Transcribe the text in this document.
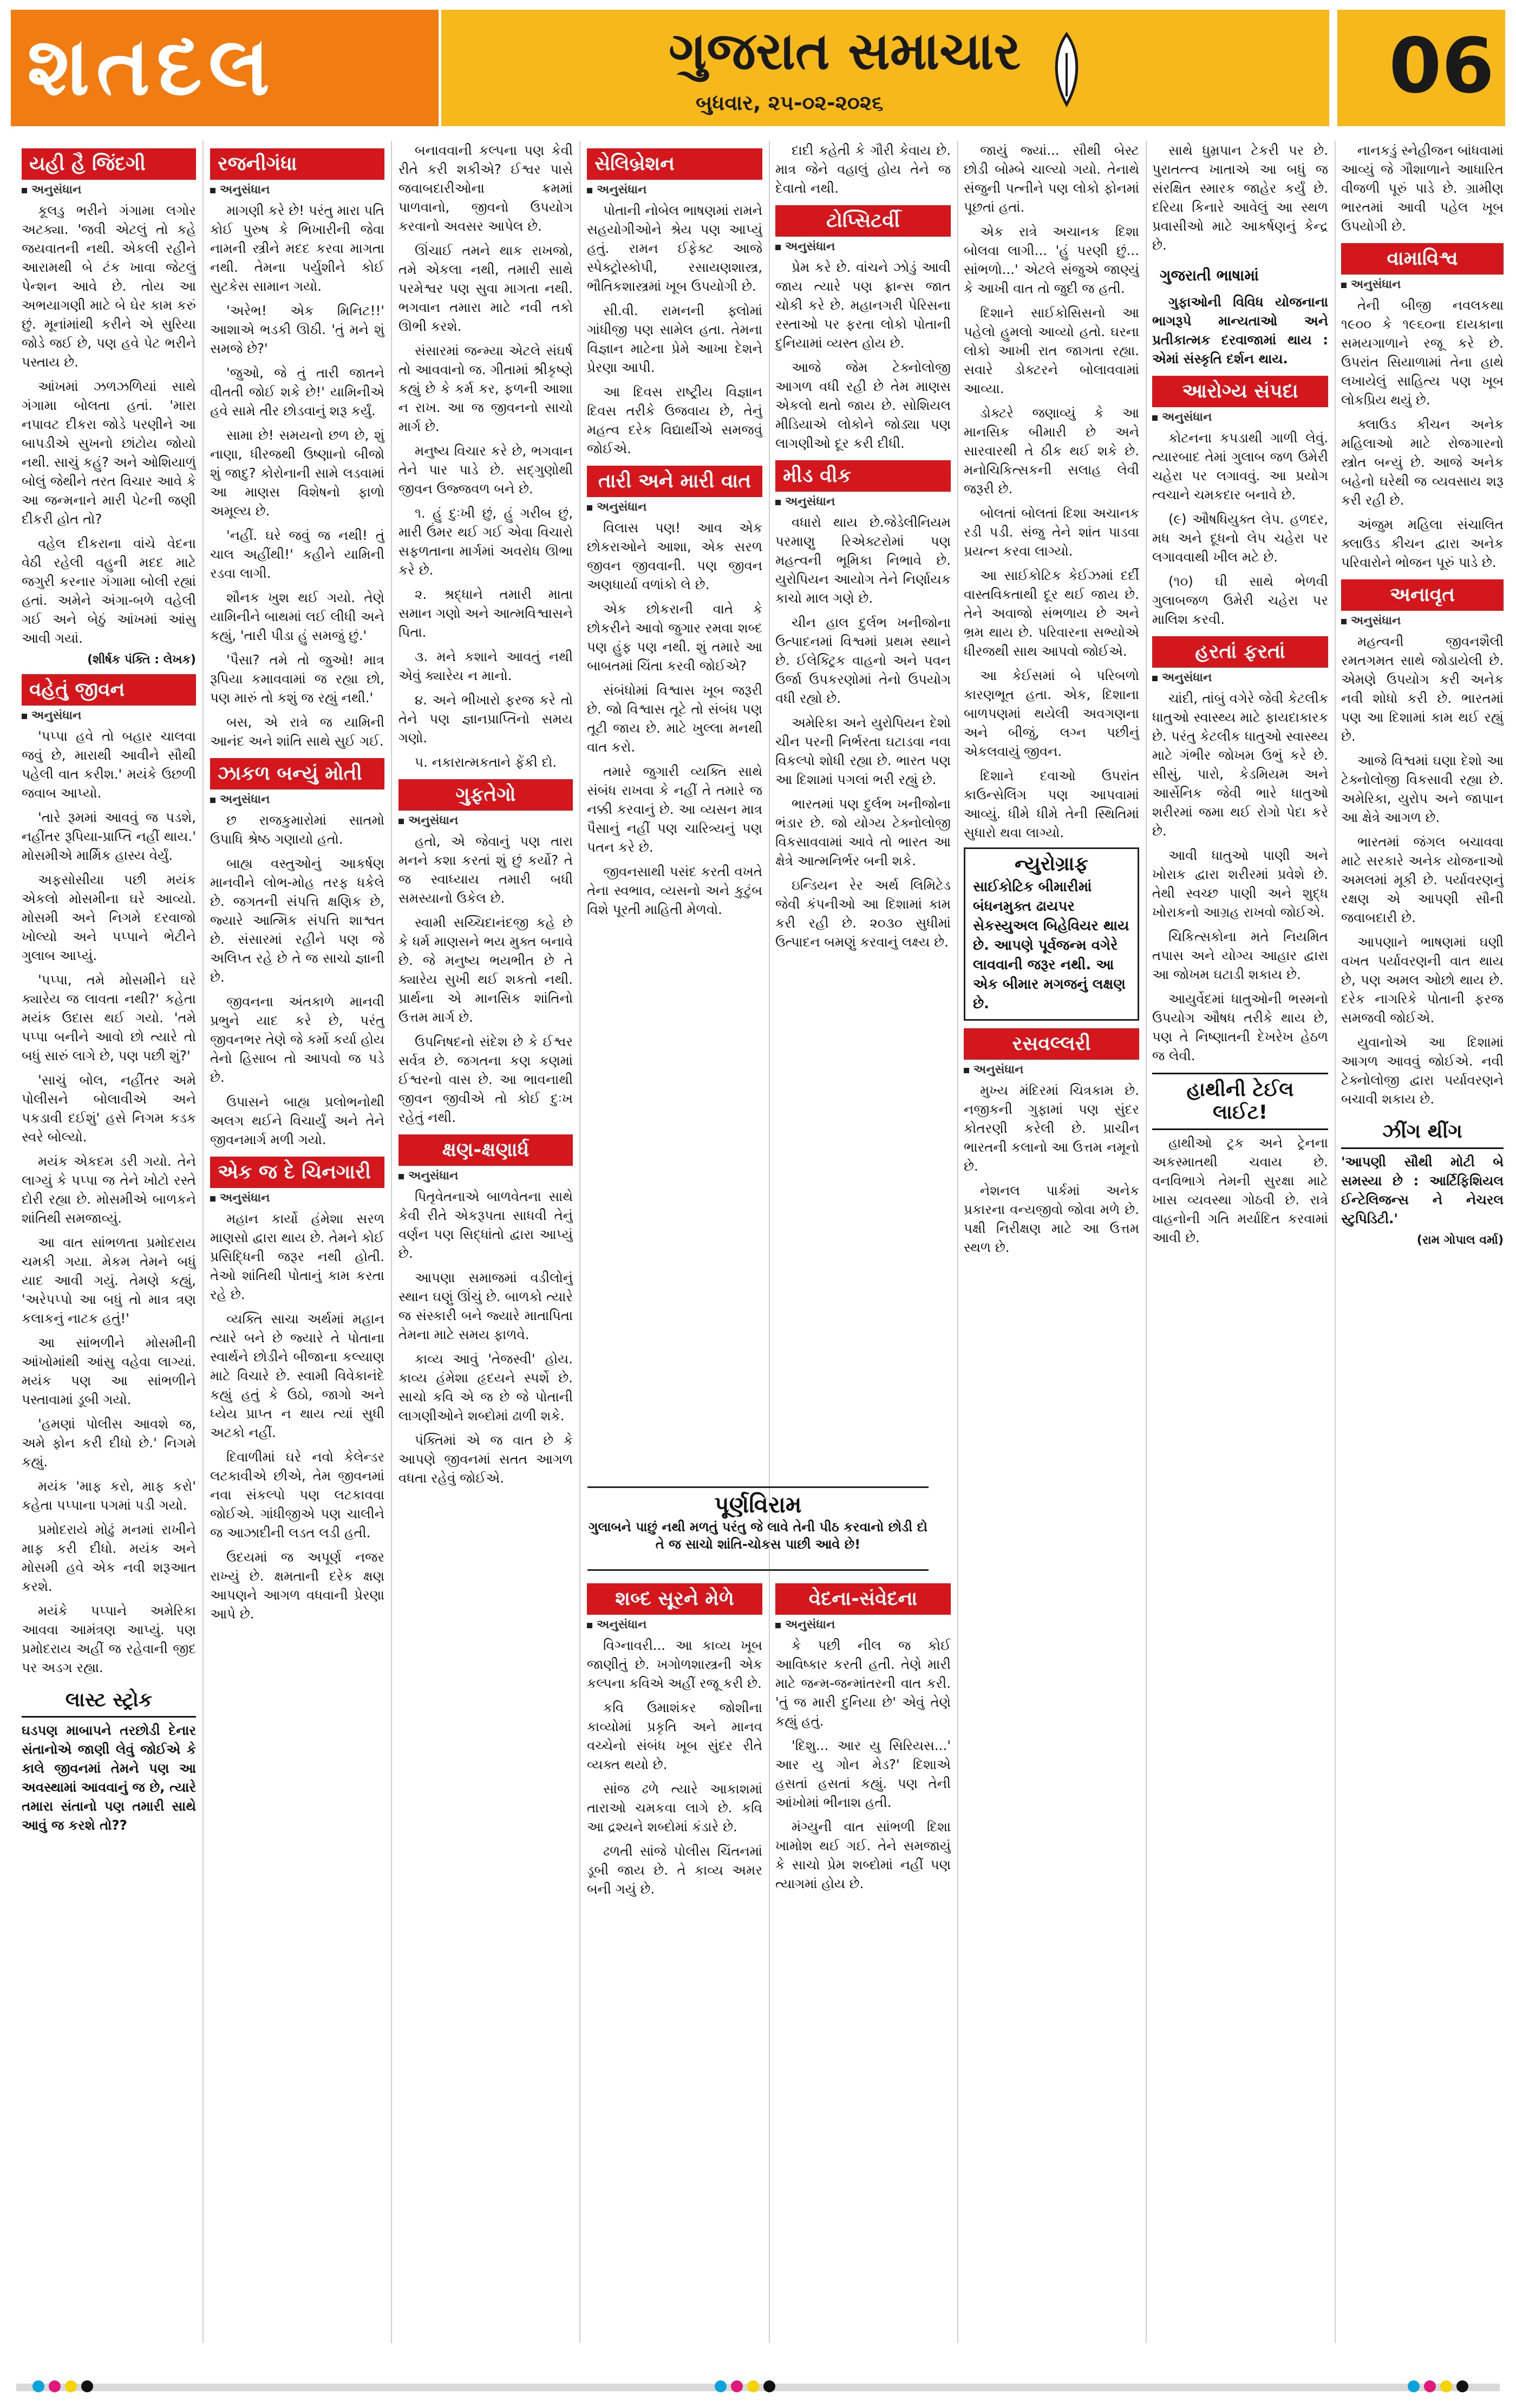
શતદલ	ગુજરાત સમાચાર
બુધવાર, ૨૫-૦૨-૨૦૨૬	06
યહી હૈ જિંદગી
અનુસંધાન

કૂલડુ ભરીને ગંગામા લગોર અટક્યા. 'જવી એટલું તો કહે જયવાતની નથી. એકલી રહીને આરામથી બે ટંક ખાવા જેટલું પેન્શન આવે છે. તોય આ અભયાગણી માટે બે ઘેર કામ કરું છું. મૂનાંમાંથી કરીને એ સુરિયા જોડે જઈ છે, પણ હવે પેટ ભરીને પસ્તાય છે.

આંખમાં ઝળઝળિયાં સાથે ગંગામા બોલતા હતાં. 'મારા નપાવટ દીકરા જોડે પરણીને આ બાપડીએ સુખનો છાંટોય જોયો નથી. સાચું કહું? અને ઓશિયાળું બોલું જેથીને તરત વિચાર આવે કે આ જન્મનાને મારી પેટની જણી દીકરી હોત તો?

વહેલ દીકરાના વાંચે વેદના વેઠી રહેલી વહુની મદદ માટે જગુરી કરનાર ગંગામા બોલી રહ્યાં હતાં. અમેને અંગા-બળે વહેલી ગઈ અને બેઠું આંખમાં આંસુ આવી ગયાં.

(શીર્ષક પંક્તિ : લેખક)
વહેતું જીવન
અનુસંધાન

'પપ્પા હવે તો બહાર ચાલવા જવું છે, મારાથી આવીને સૌથી પહેલી વાત કરીશ.' મયંકે ઉછળી જવાબ આપ્યો.

'તારે રૂમમાં આવવું જ પડશે, નહીંતર રૂપિયા-પ્રાપ્તિ નહીં થાય.' મોસમીએ માર્મિક હાસ્ય વેર્યું.

અફસોસીયા પછી મયંક એકલો મોસમીના ઘરે આવ્યો. મોસમી અને નિગમે દરવાજો ખોલ્યો અને પપ્પાને ભેટીને ગુલાબ આપ્યું.

'પપ્પા, તમે મોસમીને ઘરે ક્યારેય જ લાવતા નથી?' કહેતા મયંક ઉદાસ થઈ ગયો. 'તમે પપ્પા બનીને આવો છો ત્યારે તો બધું સારું લાગે છે, પણ પછી શું?'

'સાચું બોલ, નહીંતર અમે પોલીસને બોલાવીએ અને પકડાવી દઈશું' હસે નિગમ કડક સ્વરે બોલ્યો.

મયંક એકદમ ડરી ગયો. તેને લાગ્યું કે પપ્પા જ તેને ખોટો રસ્તે દોરી રહ્યા છે. મોસમીએ બાળકને શાંતિથી સમજાવ્યું.

આ વાત સાંભળતા પ્રમોદરાય ચમકી ગયા. મેકમ તેમને બધું યાદ આવી ગયું. તેમણે કહ્યું, 'અરેપપ્પો આ બધું તો માત્ર ત્રણ કલાકનું નાટક હતું!'

આ સાંભળીને મોસમીની આંખોમાંથી આંસુ વહેવા લાગ્યાં. મયંક પણ આ સાંભળીને પસ્તાવામાં ડૂબી ગયો.

'હમણાં પોલીસ આવશે જ, અમે ફોન કરી દીધો છે.' નિગમે કહ્યું.

મયંક 'માફ કરો, માફ કરો' કહેતા પપ્પાના પગમાં પડી ગયો.

પ્રમોદરાયે મોઢું મનમાં રાખીને માફ કરી દીધો. મયંક અને મોસમી હવે એક નવી શરૂઆત કરશે.

મયંકે પપ્પાને અમેરિકા આવવા આમંત્રણ આપ્યું. પણ પ્રમોદરાય અહીં જ રહેવાની જીદ પર અડગ રહ્યા.

લાસ્ટ સ્ટ્રોક

ઘડપણ માબાપને તરછોડી દેનાર સંતાનોએ જાણી લેવું જોઈએ કે કાલે જીવનમાં તેમને પણ આ અવસ્થામાં આવવાનું જ છે, ત્યારે તમારા સંતાનો પણ તમારી સાથે આવું જ કરશે તો??

રજનીગંધા
અનુસંધાન

માગણી કરે છે! પરંતુ મારા પતિ કોઈ પુરુષ કે ભિખારીની જેવા નામની સ્ત્રીને મદદ કરવા માગતા નથી. તેમના પર્યુશીને કોઈ સુટકેસ સામાન ગયો.

'અરેભ! એક મિનિટ!!' આશાએ ભડકી ઊઠી. 'તું મને શું સમજે છે?'

'જુઓ, જે તું તારી જાતને વીતતી જોઈ શકે છે!' યામિનીએ હવે સામે તીર છોડવાનું શરૂ કર્યું.

સામા છે! સમયનો છળ છે, શું નાણા, ધીરજથી ઉષ્ણાનો બીજો શું જાદુ? કોરોનાની સામે લડવામાં આ માણસ વિશેષનો ફાળો અમૂલ્ય છે.

'નહીં. ઘરે જવું જ નથી! તું ચાલ અહીંથી!' કહીને યામિની રડવા લાગી.

શૌનક ખુશ થઈ ગયો. તેણે યામિનીને બાથમાં લઈ લીધી અને કહ્યું, 'તારી પીડા હું સમજું છું.'

'પૈસા? તમે તો જુઓ! માત્ર રૂપિયા કમાવવામાં જ રહ્યા છો, પણ મારું તો કશું જ રહ્યું નથી.'

બસ, એ રાત્રે જ યામિની આનંદ અને શાંતિ સાથે સુઈ ગઈ.

ઝાકળ બન્યું મોતી
અનુસંધાન

છ રાજકુમારોમાં સાતમો ઉપાધિ શ્રેષ્ઠ ગણાયો હતો.

બાહ્ય વસ્તુઓનું આકર્ષણ માનવીને લોભ-મોહ તરફ ધકેલે છે. જગતની સંપત્તિ ક્ષણિક છે, જ્યારે આત્મિક સંપત્તિ શાશ્વત છે. સંસારમાં રહીને પણ જે અલિપ્ત રહે છે તે જ સાચો જ્ઞાની છે.

જીવનના અંતકાળે માનવી પ્રભુને યાદ કરે છે, પરંતુ જીવનભર તેણે જે કર્મો કર્યા હોય તેનો હિસાબ તો આપવો જ પડે છે.

ઉપાસને બાહ્ય પ્રલોભનોથી અલગ થઈને વિચાર્યું અને તેને જીવનમાર્ગ મળી ગયો.

એક જ દે ચિનગારી
અનુસંધાન

મહાન કાર્યો હંમેશા સરળ માણસો દ્વારા થાય છે. તેમને કોઈ પ્રસિદ્ધિની જરૂર નથી હોતી. તેઓ શાંતિથી પોતાનું કામ કરતા રહે છે.

વ્યક્તિ સાચા અર્થમાં મહાન ત્યારે બને છે જ્યારે તે પોતાના સ્વાર્થને છોડીને બીજાના કલ્યાણ માટે વિચારે છે. સ્વામી વિવેકાનંદે કહ્યું હતું કે ઉઠો, જાગો અને ધ્યેય પ્રાપ્ત ન થાય ત્યાં સુધી અટકો નહીં.

દિવાળીમાં ઘરે નવો કેલેન્ડર લટકાવીએ છીએ, તેમ જીવનમાં નવા સંકલ્પો પણ લટકાવવા જોઈએ. ગાંધીજીએ પણ ચાલીને જ આઝાદીની લડત લડી હતી.

ઉદયમાં જ અપૂર્ણ નજર રાખ્યું છે. ક્ષમતાની દરેક ક્ષણ આપણને આગળ વધવાની પ્રેરણા આપે છે.

બનાવવાની કલ્પના પણ કેવી રીતે કરી શકીએ? ઈશ્વર પાસે જવાબદારીઓના ક્રમમાં પાળવાનો, જીવનો ઉપયોગ કરવાનો અવસર આપેલ છે.

ઊંચાઈ તમને થાક રાખજો, તમે એકલા નથી, તમારી સાથે પરમેશ્વર પણ સુવા માગતા નથી. ભગવાન તમારા માટે નવી તકો ઊભી કરશે.

સંસારમાં જન્મ્યા એટલે સંઘર્ષ તો આવવાનો જ. ગીતામાં શ્રીકૃષ્ણે કહ્યું છે કે કર્મ કર, ફળની આશા ન રાખ. આ જ જીવનનો સાચો માર્ગ છે.

મનુષ્ય વિચાર કરે છે, ભગવાન તેને પાર પાડે છે. સદ્ગુણોથી જીવન ઉજ્જવળ બને છે.

૧. હું દુઃખી છું, હું ગરીબ છું, મારી ઉંમર થઈ ગઈ એવા વિચારો સફળતાના માર્ગમાં અવરોધ ઊભા કરે છે.

૨. શ્રદ્ધાને તમારી માતા સમાન ગણો અને આત્મવિશ્વાસને પિતા.

૩. મને કશાને આવતું નથી એવું ક્યારેય ન માનો.

૪. અને ભીખારો ફરજ કરે તો તેને પણ જ્ઞાનપ્રાપ્તિનો સમય ગણો.

૫. નકારાત્મકતાને ફેંકી દો.

ગુફતેગો
અનુસંધાન

હતો, એ જેવાનું પણ તારા મનને કશા કરતાં શું છું કર્યો? તે જ સ્વાધ્યાય તમારી બધી સમસ્યાનો ઉકેલ છે.

સ્વામી સચ્ચિદાનંદજી કહે છે કે ધર્મ માણસને ભય મુક્ત બનાવે છે. જે મનુષ્ય ભયભીત છે તે ક્યારેય સુખી થઈ શકતો નથી. પ્રાર્થના એ માનસિક શાંતિનો ઉત્તમ માર્ગ છે.

ઉપનિષદનો સંદેશ છે કે ઈશ્વર સર્વત્ર છે. જગતના કણ કણમાં ઈશ્વરનો વાસ છે. આ ભાવનાથી જીવન જીવીએ તો કોઈ દુઃખ રહેતું નથી.

ક્ષણ-ક્ષણાર્ધ
અનુસંધાન

પિતૃવેતનાએ બાળવેતના સાથે કેવી રીતે એકરૂપતા સાધવી તેનું વર્ણન પણ સિદ્ધાંતો દ્વારા આપ્યું છે.

આપણા સમાજમાં વડીલોનું સ્થાન ઘણું ઊંચું છે. બાળકો ત્યારે જ સંસ્કારી બને જ્યારે માતાપિતા તેમના માટે સમય ફાળવે.

કાવ્ય આવું 'તેજસ્વી' હોય. કાવ્ય હંમેશા હૃદયને સ્પર્શે છે. સાચો કવિ એ જ છે જે પોતાની લાગણીઓને શબ્દોમાં ઢાળી શકે.

પંક્તિમાં એ જ વાત છે કે આપણે જીવનમાં સતત આગળ વધતા રહેવું જોઈએ.

સેલિબ્રેશન
અનુસંધાન

પોતાની નોબેલ ભાષણમાં રામને સહયોગીઓને શ્રેય પણ આપ્યું હતું. રામન ઈફેક્ટ આજે સ્પેક્ટ્રોસ્કોપી, રસાયણશાસ્ત્ર, ભૌતિકશાસ્ત્રમાં ખૂબ ઉપયોગી છે.

સી.વી. રામનની ફ્લોમાં ગાંધીજી પણ સામેલ હતા. તેમના વિજ્ઞાન માટેના પ્રેમે આખા દેશને પ્રેરણા આપી.

આ દિવસ રાષ્ટ્રીય વિજ્ઞાન દિવસ તરીકે ઉજવાય છે, તેનું મહત્વ દરેક વિદ્યાર્થીએ સમજવું જોઈએ.

તારી અને મારી વાત
અનુસંધાન

વિલાસ પણ! આવ એક છોકરાઓને આશા, એક સરળ જીવન જીવવાની. પણ જીવન અણધાર્યા વળાંકો લે છે.

એક છોકરાની વાતે કે છોકરીને આવો જુગાર રમવા શબ્દ પણ હુંફ પણ નથી. શું તમારે આ બાબતમાં ચિંતા કરવી જોઈએ?

સંબંધોમાં વિશ્વાસ ખૂબ જરૂરી છે. જો વિશ્વાસ તૂટે તો સંબંધ પણ તૂટી જાય છે. માટે ખુલ્લા મનથી વાત કરો.

તમારે જુગારી વ્યક્તિ સાથે સંબંધ રાખવા કે નહીં તે તમારે જ નક્કી કરવાનું છે. આ વ્યસન માત્ર પૈસાનું નહીં પણ ચારિત્ર્યનું પણ પતન કરે છે.

જીવનસાથી પસંદ કરતી વખતે તેના સ્વભાવ, વ્યસનો અને કુટુંબ વિશે પૂરતી માહિતી મેળવો.

દાદી કહેતી કે ગૌરી કેવાય છે. માત્ર જેને વહાલું હોય તેને જ દેવાતો નથી.

ટોપ્સિટર્વી
અનુસંધાન

પ્રેમ કરે છે. વાંચને ઝોડું આવી જાય ત્યારે પણ ફ્રાન્સ જાત ચોકી કરે છે. મહાનગરી પેરિસના રસ્તાઓ પર ફરતા લોકો પોતાની દુનિયામાં વ્યસ્ત હોય છે.

આજે જેમ ટેક્નોલોજી આગળ વધી રહી છે તેમ માણસ એકલો થતો જાય છે. સોશિયલ મીડિયાએ લોકોને જોડ્યા પણ લાગણીઓ દૂર કરી દીધી.

મીડ વીક
અનુસંધાન

વધારો થાય છે.જેડેલીનિયમ પરમાણુ રિએક્ટરોમાં પણ મહત્વની ભૂમિકા નિભાવે છે. યુરોપિયન આયોગ તેને નિર્ણાયક કાચો માલ ગણે છે.

ચીન હાલ દુર્લભ ખનીજોના ઉત્પાદનમાં વિશ્વમાં પ્રથમ સ્થાને છે. ઈલેક્ટ્રિક વાહનો અને પવન ઉર્જા ઉપકરણોમાં તેનો ઉપયોગ વધી રહ્યો છે.

અમેરિકા અને યુરોપિયન દેશો ચીન પરની નિર્ભરતા ઘટાડવા નવા વિકલ્પો શોધી રહ્યા છે. ભારત પણ આ દિશામાં પગલાં ભરી રહ્યું છે.

ભારતમાં પણ દુર્લભ ખનીજોના ભંડાર છે. જો યોગ્ય ટેક્નોલોજી વિકસાવવામાં આવે તો ભારત આ ક્ષેત્રે આત્મનિર્ભર બની શકે.

ઇન્ડિયન રેર અર્થ લિમિટેડ જેવી કંપનીઓ આ દિશામાં કામ કરી રહી છે. ૨૦૩૦ સુધીમાં ઉત્પાદન બમણું કરવાનું લક્ષ્ય છે.

પૂર્ણવિરામ
ગુલાબને પાછું નથી મળતું પરંતુ જે લાવે તેની પીઠ કરવાનો છોડી દો તે જ સાચો શાંતિ-ચોકસ પાછી આવે છે!
શબ્દ સૂરને મેળે
અનુસંધાન

વિગ્નાવરી... આ કાવ્ય ખૂબ જાણીતું છે. ખગોળશાસ્ત્રની એક કલ્પના કવિએ અહીં રજૂ કરી છે.

કવિ ઉમાશંકર જોશીના કાવ્યોમાં પ્રકૃતિ અને માનવ વચ્ચેનો સંબંધ ખૂબ સુંદર રીતે વ્યક્ત થયો છે.

સાંજ ઢળે ત્યારે આકાશમાં તારાઓ ચમકવા લાગે છે. કવિ આ દ્રશ્યને શબ્દોમાં કંડારે છે.

ઢળતી સાંજે પોલીસ ચિંતનમાં ડૂબી જાય છે. તે કાવ્ય અમર બની ગયું છે.

વેદના-સંવેદના
અનુસંધાન

કે પછી નીલ જ કોઈ આવિષ્કાર કરતી હતી. તેણે મારી માટે જન્મ-જન્માંતરની વાત કરી. 'તું જ મારી દુનિયા છે' એવું તેણે કહ્યું હતું.

'દિશુ... આર યુ સિરિયસ...' આર યુ ગોન મેડ?' દિશાએ હસતાં હસતાં કહ્યું. પણ તેની આંખોમાં ભીનાશ હતી.

મંગ્યુની વાત સાંભળી દિશા ખામોશ થઈ ગઈ. તેને સમજાયું કે સાચો પ્રેમ શબ્દોમાં નહીં પણ ત્યાગમાં હોય છે.

જાયું જ્યાં... સૌથી બેસ્ટ છોડી બોમ્બે ચાલ્યો ગયો. તેનાથે સંજુની પત્નીને પણ લોકો ફોનમાં પૂછતાં હતાં.

એક રાત્રે અચાનક દિશા બોલવા લાગી... 'હું પરણી છું... સાંભળો...' એટલે સંજુએ જાણ્યું કે આખી વાત તો જુદી જ હતી.

દિશાને સાઈકોસિસનો આ પહેલો હુમલો આવ્યો હતો. ઘરના લોકો આખી રાત જાગતા રહ્યા. સવારે ડોક્ટરને બોલાવવામાં આવ્યા.

ડોક્ટરે જણાવ્યું કે આ માનસિક બીમારી છે અને સારવારથી તે ઠીક થઈ શકે છે. મનોચિકિત્સકની સલાહ લેવી જરૂરી છે.

બોલતાં બોલતાં દિશા અચાનક રડી પડી. સંજુ તેને શાંત પાડવા પ્રયત્ન કરવા લાગ્યો.

આ સાઈકોટિક કેઈઝમાં દર્દી વાસ્તવિકતાથી દૂર થઈ જાય છે. તેને અવાજો સંભળાય છે અને ભ્રમ થાય છે. પરિવારના સભ્યોએ ધીરજથી સાથ આપવો જોઈએ.

આ કેઈસમાં બે પરિબળો કારણભૂત હતા. એક, દિશાના બાળપણમાં થયેલી અવગણના અને બીજું, લગ્ન પછીનું એકલવાયું જીવન.

દિશાને દવાઓ ઉપરાંત કાઉન્સેલિંગ પણ આપવામાં આવ્યું. ધીમે ધીમે તેની સ્થિતિમાં સુધારો થવા લાગ્યો.

ન્યુરોગ્રાફ
સાઈકોટિક બીમારીમાં બંધનમુક્ત ઢાયપર સેકસ્યુઅલ બિહેવિયર થાય છે. આપણે પૂર્વજન્મ વગેરે લાવવાની જરૂર નથી. આ એક બીમાર મગજનું લક્ષણ છે.
રસવલ્લરી
અનુસંધાન

મુખ્ય મંદિરમાં ચિત્રકામ છે. નજીકની ગુફામાં પણ સુંદર કોતરણી કરેલી છે. પ્રાચીન ભારતની કલાનો આ ઉત્તમ નમૂનો છે.

નેશનલ પાર્કમાં અનેક પ્રકારના વન્યજીવો જોવા મળે છે. પક્ષી નિરીક્ષણ માટે આ ઉત્તમ સ્થળ છે.

સાથે ધુમ્રપાન ટેકરી પર છે. પુરાતત્ત્વ ખાતાએ આ બધું જ સંરક્ષિત સ્મારક જાહેર કર્યું છે. દરિયા કિનારે આવેલું આ સ્થળ પ્રવાસીઓ માટે આકર્ષણનું કેન્દ્ર છે.

ગુજરાતી ભાષામાં

ગુફાઓની વિવિધ યોજનાના ભાગરૂપે માન્યતાઓ અને પ્રતીકાત્મક દરવાજામાં થાય : એમાં સંસ્કૃતિ દર્શન થાય.

આરોગ્ય સંપદા
અનુસંધાન

કોટનના કપડાથી ગાળી લેવું. ત્યારબાદ તેમાં ગુલાબ જળ ઉમેરી ચહેરા પર લગાવવું. આ પ્રયોગ ત્વચાને ચમકદાર બનાવે છે.

(૯) ઔષધિયુક્ત લેપ. હળદર, મધ અને દૂધનો લેપ ચહેરા પર લગાવવાથી ખીલ મટે છે.

(૧૦) ઘી સાથે ભેળવી ગુલાબજળ ઉમેરી ચહેરા પર માલિશ કરવી.

હરતાં ફરતાં
અનુસંધાન

ચાંદી, તાંબું વગેરે જેવી કેટલીક ધાતુઓ સ્વાસ્થ્ય માટે ફાયદાકારક છે. પરંતુ કેટલીક ધાતુઓ સ્વાસ્થ્ય માટે ગંભીર જોખમ ઉભું કરે છે. સીસું, પારો, કેડમિયમ અને આર્સેનિક જેવી ભારે ધાતુઓ શરીરમાં જમા થઈ રોગો પેદા કરે છે.

આવી ધાતુઓ પાણી અને ખોરાક દ્વારા શરીરમાં પ્રવેશે છે. તેથી સ્વચ્છ પાણી અને શુદ્ધ ખોરાકનો આગ્રહ રાખવો જોઈએ.

ચિકિત્સકોના મતે નિયમિત તપાસ અને યોગ્ય આહાર દ્વારા આ જોખમ ઘટાડી શકાય છે.

આયુર્વેદમાં ધાતુઓની ભસ્મનો ઉપયોગ ઔષધ તરીકે થાય છે, પણ તે નિષ્ણાતની દેખરેખ હેઠળ જ લેવી.

હાથીની ટેઈલ લાઈટ!

હાથીઓ ટ્રક અને ટ્રેનના અકસ્માતથી ચવાય છે. વનવિભાગે તેમની સુરક્ષા માટે ખાસ વ્યવસ્થા ગોઠવી છે. રાત્રે વાહનોની ગતિ મર્યાદિત કરવામાં આવી છે.

નાનકડું સ્નેહીજન બાંધવામાં આવ્યું જે ગૌશાળાને આધારિત વીજળી પૂરું પાડે છે. ગ્રામીણ ભારતમાં આવી પહેલ ખૂબ ઉપયોગી છે.

વામાવિશ્વ
અનુસંધાન

તેની બીજી નવલકથા ૧૯૦૦ કે ૧૯૬૦ના દાયકાના સમયગાળાને રજૂ કરે છે. ઉપરાંત સિયાળામાં તેના હાથે લખાયેલું સાહિત્ય પણ ખૂબ લોકપ્રિય થયું છે.

ક્લાઉડ કીચન અનેક મહિલાઓ માટે રોજગારનો સ્ત્રોત બન્યું છે. આજે અનેક બહેનો ઘરેથી જ વ્યવસાય શરૂ કરી રહી છે.

અંજુમ મહિલા સંચાલિત ક્લાઉડ કીચન દ્વારા અનેક પરિવારોને ભોજન પૂરું પાડે છે.

અનાવૃત
અનુસંધાન

મહત્વની જીવનશૈલી રમતગમત સાથે જોડાયેલી છે. એમણે ઉપયોગ કરી અનેક નવી શોધો કરી છે. ભારતમાં પણ આ દિશામાં કામ થઈ રહ્યું છે.

આજે વિશ્વમાં ઘણા દેશો આ ટેક્નોલોજી વિકસાવી રહ્યા છે. અમેરિકા, યુરોપ અને જાપાન આ ક્ષેત્રે આગળ છે.

ભારતમાં જંગલ બચાવવા માટે સરકારે અનેક યોજનાઓ અમલમાં મૂકી છે. પર્યાવરણનું રક્ષણ એ આપણી સૌની જવાબદારી છે.

આપણાને ભાષણમાં ઘણી વખત પર્યાવરણની વાત થાય છે, પણ અમલ ઓછો થાય છે. દરેક નાગરિકે પોતાની ફરજ સમજવી જોઈએ.

યુવાનોએ આ દિશામાં આગળ આવવું જોઈએ. નવી ટેક્નોલોજી દ્વારા પર્યાવરણને બચાવી શકાય છે.

ઝીંગ થીંગ

'આપણી સૌથી મોટી બે સમસ્યા છે : આર્ટિફિશિયલ ઈન્ટેલિજન્સ ને નેચરલ સ્ટુપિડિટી.'

(રામ ગોપાલ વર્મા)
